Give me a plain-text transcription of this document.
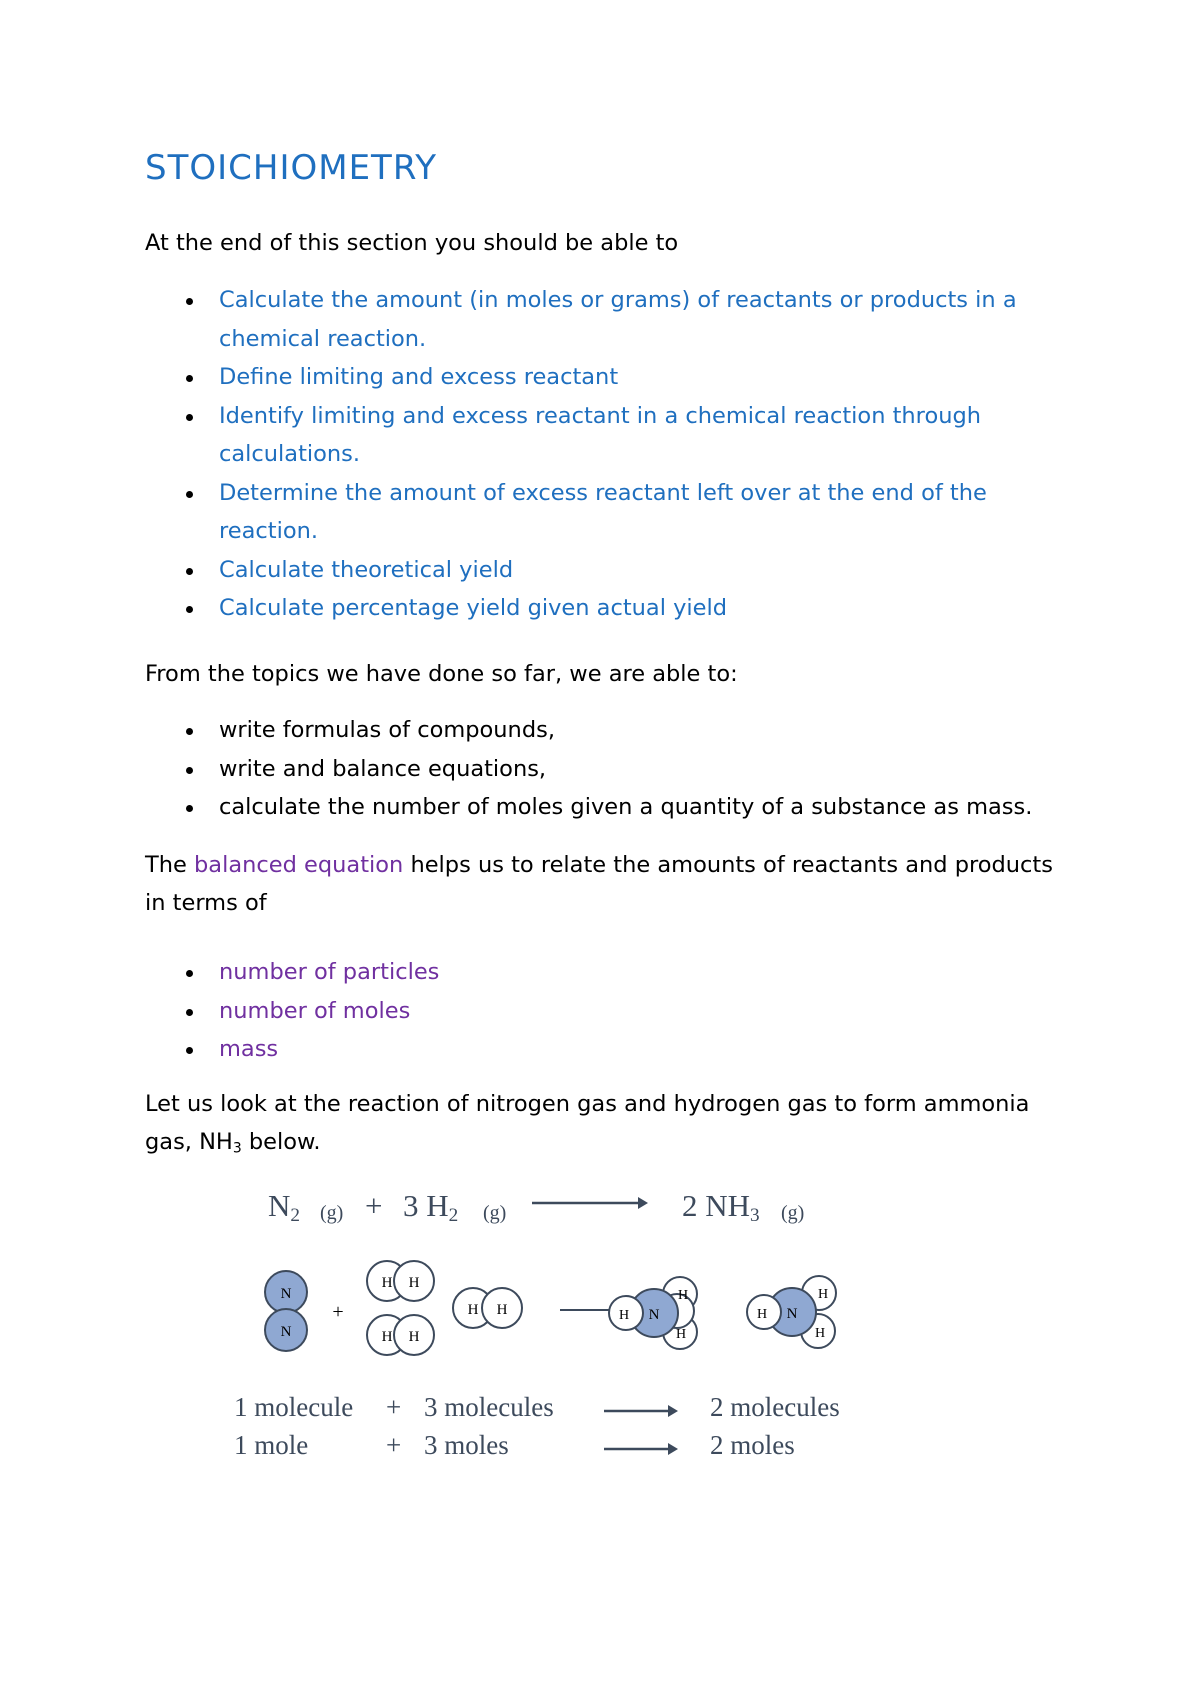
STOICHIOMETRY

At the end of this section you should be able to

Calculate the amount (in moles or grams) of reactants or products in a chemical reaction.
Define limiting and excess reactant
Identify limiting and excess reactant in a chemical reaction through calculations.
Determine the amount of excess reactant left over at the end of the reaction.
Calculate theoretical yield
Calculate percentage yield given actual yield

From the topics we have done so far, we are able to:

write formulas of compounds,
write and balance equations,
calculate the number of moles given a quantity of a substance as mass.

The balanced equation helps us to relate the amounts of reactants and products in terms of

number of particles
number of moles
mass

Let us look at the reaction of nitrogen gas and hydrogen gas to form ammonia gas, $NH_3$ below.

$N_2$ (g) + 3 $H_2$ (g)	2 $NH_3$ (g)
N
N
+
H H
H H
H H	N
H
H
H
N
H
H
H
1 molecule + 3 molecules	2 molecules
1 mole	+ 3 moles	2 moles
